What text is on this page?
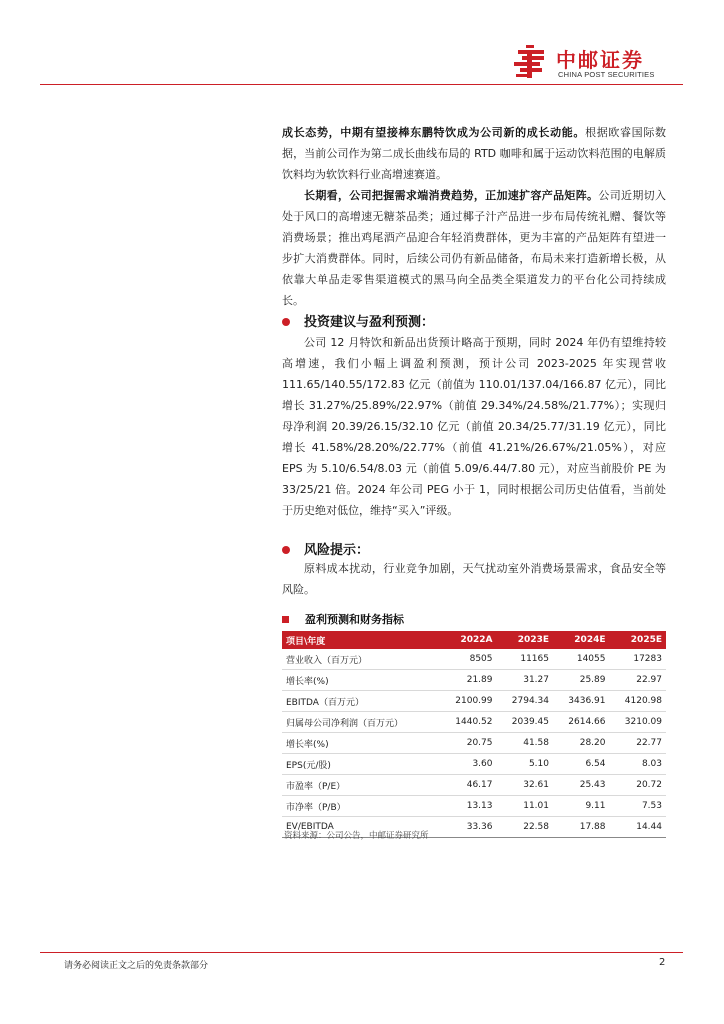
中邮证券
CHINA POST SECURITIES

成长态势，中期有望接棒东鹏特饮成为公司新的成长动能。根据欧睿国际数据，当前公司作为第二成长曲线布局的 RTD 咖啡和属于运动饮料范围的电解质饮料均为软饮料行业高增速赛道。

长期看，公司把握需求端消费趋势，正加速扩容产品矩阵。公司近期切入处于风口的高增速无糖茶品类；通过椰子汁产品进一步布局传统礼赠、餐饮等消费场景；推出鸡尾酒产品迎合年轻消费群体，更为丰富的产品矩阵有望进一步扩大消费群体。同时，后续公司仍有新品储备，布局未来打造新增长极，从依靠大单品走零售渠道模式的黑马向全品类全渠道发力的平台化公司持续成长。

投资建议与盈利预测：

公司 12 月特饮和新品出货预计略高于预期，同时 2024 年仍有望维持较高增速，我们小幅上调盈利预测，预计公司 2023-2025 年实现营收 111.65/140.55/172.83 亿元（前值为 110.01/137.04/166.87 亿元），同比增长 31.27%/25.89%/22.97%（前值 29.34%/24.58%/21.77%）；实现归母净利润 20.39/26.15/32.10 亿元（前值 20.34/25.77/31.19 亿元），同比增长 41.58%/28.20%/22.77%（前值 41.21%/26.67%/21.05%），对应 EPS 为 5.10/6.54/8.03 元（前值 5.09/6.44/7.80 元），对应当前股价 PE 为 33/25/21 倍。2024 年公司 PEG 小于 1，同时根据公司历史估值看，当前处于历史绝对低位，维持“买入”评级。

风险提示：

原料成本扰动，行业竞争加剧，天气扰动室外消费场景需求，食品安全等风险。

盈利预测和财务指标
项目\年度	2022A	2023E	2024E	2025E
营业收入（百万元）	8505	11165	14055	17283
增长率(%)	21.89	31.27	25.89	22.97
EBITDA（百万元）	2100.99	2794.34	3436.91	4120.98
归属母公司净利润（百万元）	1440.52	2039.45	2614.66	3210.09
增长率(%)	20.75	41.58	28.20	22.77
EPS(元/股)	3.60	5.10	6.54	8.03
市盈率（P/E）	46.17	32.61	25.43	20.72
市净率（P/B）	13.13	11.01	9.11	7.53
EV/EBITDA	33.36	22.58	17.88	14.44
资料来源：公司公告，中邮证券研究所
请务必阅读正文之后的免责条款部分	2
